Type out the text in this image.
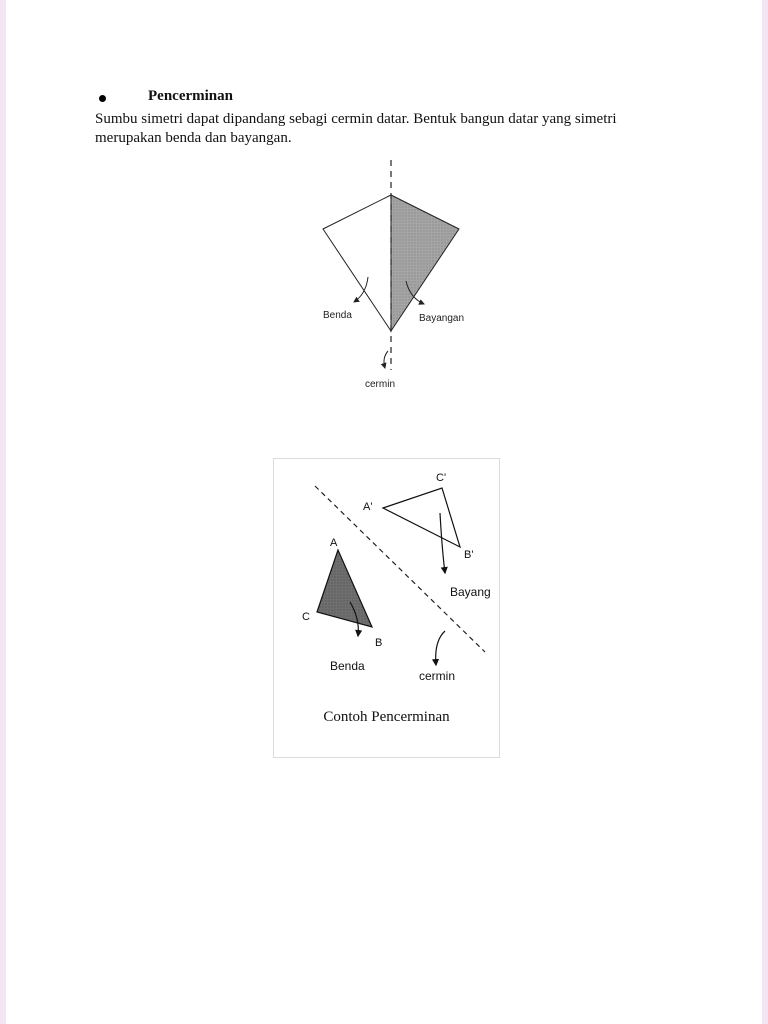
Pencerminan
Sumbu simetri dapat dipandang sebagi cermin datar. Bentuk bangun datar yang simetri merupakan benda dan bayangan.
Benda	Bayangan
cermin
A
B
C
A'
B'
C'
Benda
Bayang
cermin
Contoh Pencerminan
